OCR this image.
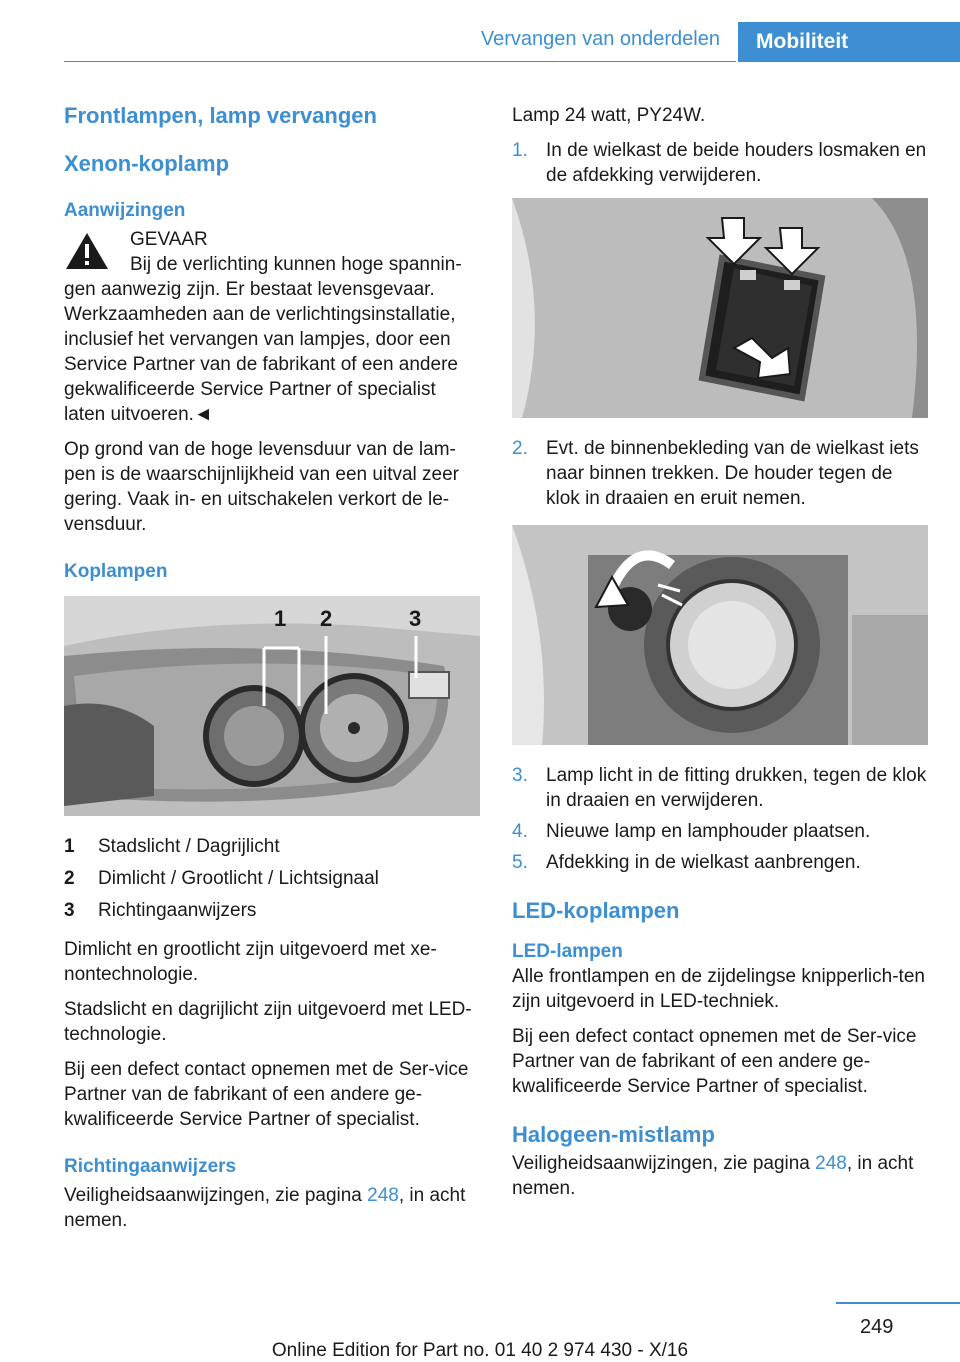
Vervangen van onderdelen	Mobiliteit
Frontlampen, lamp vervangen
Xenon-koplamp
Aanwijzingen
GEVAAR
Bij de verlichting kunnen hoge spannin-

gen aanwezig zijn. Er bestaat levensgevaar. Werkzaamheden aan de verlichtingsinstallatie, inclusief het vervangen van lampjes, door een Service Partner van de fabrikant of een andere gekwalificeerde Service Partner of specialist laten uitvoeren.◄

Op grond van de hoge levensduur van de lam-pen is de waarschijnlijkheid van een uitval zeer gering. Vaak in- en uitschakelen verkort de le-vensduur.

Koplampen
1 2	3
1	Stadslicht / Dagrijlicht
2	Dimlicht / Grootlicht / Lichtsignaal
3	Richtingaanwijzers

Dimlicht en grootlicht zijn uitgevoerd met xe-nontechnologie.

Stadslicht en dagrijlicht zijn uitgevoerd met LED-technologie.

Bij een defect contact opnemen met de Ser-vice Partner van de fabrikant of een andere ge-kwalificeerde Service Partner of specialist.

Richtingaanwijzers

Veiligheidsaanwijzingen, zie pagina 248, in acht nemen.

Lamp 24 watt, PY24W.

1. In de wielkast de beide houders losmaken en de afdekking verwijderen.
2. Evt. de binnenbekleding van de wielkast iets naar binnen trekken. De houder tegen de klok in draaien en eruit nemen.
3. Lamp licht in de fitting drukken, tegen de klok in draaien en verwijderen.
4. Nieuwe lamp en lamphouder plaatsen.
5. Afdekking in de wielkast aanbrengen.
LED-koplampen
LED-lampen

Alle frontlampen en de zijdelingse knipperlich-ten zijn uitgevoerd in LED-techniek.

Bij een defect contact opnemen met de Ser-vice Partner van de fabrikant of een andere ge-kwalificeerde Service Partner of specialist.

Halogeen-mistlamp

Veiligheidsaanwijzingen, zie pagina 248, in acht nemen.

249
Online Edition for Part no. 01 40 2 974 430 - X/16
